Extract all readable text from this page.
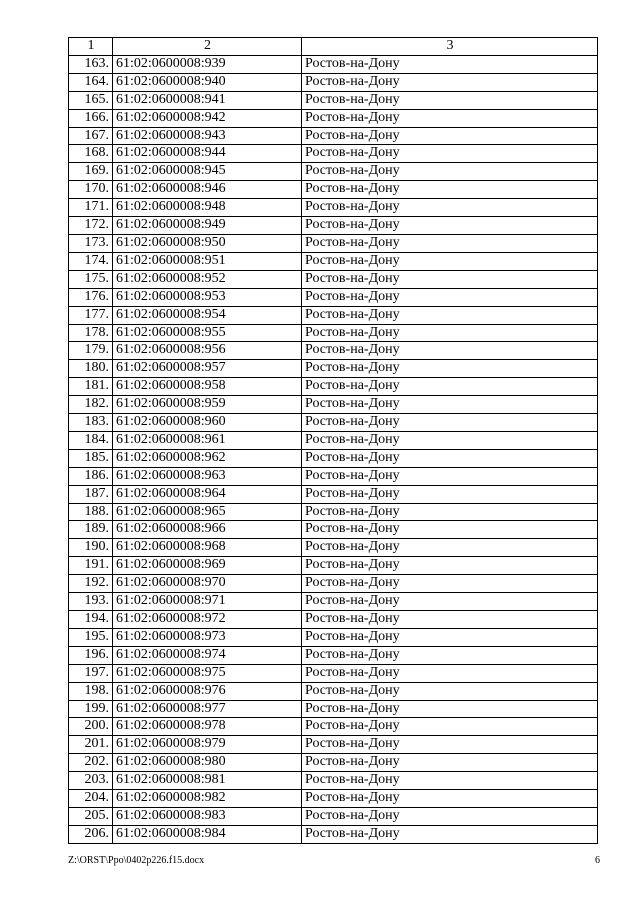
1	2	3
163.	61:02:0600008:939	Ростов-на-Дону
164.	61:02:0600008:940	Ростов-на-Дону
165.	61:02:0600008:941	Ростов-на-Дону
166.	61:02:0600008:942	Ростов-на-Дону
167.	61:02:0600008:943	Ростов-на-Дону
168.	61:02:0600008:944	Ростов-на-Дону
169.	61:02:0600008:945	Ростов-на-Дону
170.	61:02:0600008:946	Ростов-на-Дону
171.	61:02:0600008:948	Ростов-на-Дону
172.	61:02:0600008:949	Ростов-на-Дону
173.	61:02:0600008:950	Ростов-на-Дону
174.	61:02:0600008:951	Ростов-на-Дону
175.	61:02:0600008:952	Ростов-на-Дону
176.	61:02:0600008:953	Ростов-на-Дону
177.	61:02:0600008:954	Ростов-на-Дону
178.	61:02:0600008:955	Ростов-на-Дону
179.	61:02:0600008:956	Ростов-на-Дону
180.	61:02:0600008:957	Ростов-на-Дону
181.	61:02:0600008:958	Ростов-на-Дону
182.	61:02:0600008:959	Ростов-на-Дону
183.	61:02:0600008:960	Ростов-на-Дону
184.	61:02:0600008:961	Ростов-на-Дону
185.	61:02:0600008:962	Ростов-на-Дону
186.	61:02:0600008:963	Ростов-на-Дону
187.	61:02:0600008:964	Ростов-на-Дону
188.	61:02:0600008:965	Ростов-на-Дону
189.	61:02:0600008:966	Ростов-на-Дону
190.	61:02:0600008:968	Ростов-на-Дону
191.	61:02:0600008:969	Ростов-на-Дону
192.	61:02:0600008:970	Ростов-на-Дону
193.	61:02:0600008:971	Ростов-на-Дону
194.	61:02:0600008:972	Ростов-на-Дону
195.	61:02:0600008:973	Ростов-на-Дону
196.	61:02:0600008:974	Ростов-на-Дону
197.	61:02:0600008:975	Ростов-на-Дону
198.	61:02:0600008:976	Ростов-на-Дону
199.	61:02:0600008:977	Ростов-на-Дону
200.	61:02:0600008:978	Ростов-на-Дону
201.	61:02:0600008:979	Ростов-на-Дону
202.	61:02:0600008:980	Ростов-на-Дону
203.	61:02:0600008:981	Ростов-на-Дону
204.	61:02:0600008:982	Ростов-на-Дону
205.	61:02:0600008:983	Ростов-на-Дону
206.	61:02:0600008:984	Ростов-на-Дону
Z:\ORST\Ppo\0402p226.f15.docx	6
